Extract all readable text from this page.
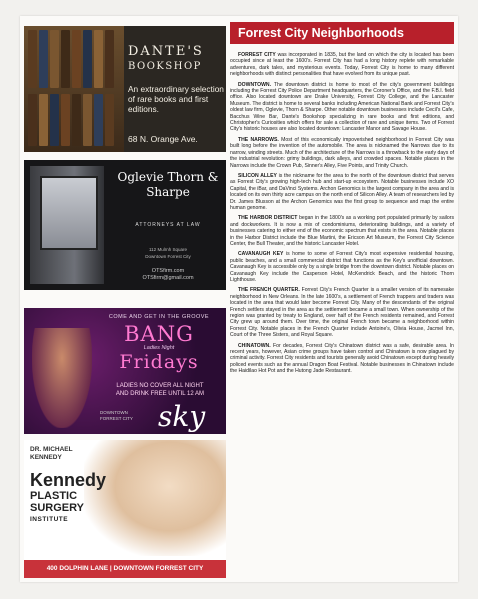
DANTE'S
BOOKSHOP
An extraordinary selection of rare books and first editions.
68 N. Orange Ave.
Oglevie Thorn & Sharpe
ATTORNEYS AT LAW
112 Mulrnh Square
Downtown Forrest City
OTSfirm.com
OTSfirm@gmail.com
COME AND GET IN THE GROOVE
BANG
Ladies Night
Fridays
LADIES NO COVER ALL NIGHT
AND DRINK FREE UNTIL 12 AM
DOWNTOWN
FORREST CITY sky
DR. MICHAEL
KENNEDY
Kennedy
PLASTIC
SURGERY
INSTITUTE
400 DOLPHIN LANE | DOWNTOWN FORREST CITY
Forrest City Neighborhoods

FORREST CITY was incorporated in 1835, but the land on which the city is located has been occupied since at least the 1600's. Forrest City has had a long history replete with remarkable adventures, dark tales, and mysterious events. Today, Forrest City is home to many different neighborhoods with distinct personalities that have evolved from its unique past.

DOWNTOWN. The downtown district is home to most of the city's government buildings including the Forrest City Police Department headquarters, the Coroner's Office, and the F.B.I. field office. Also located downtown are Drake University, Forrest City College, and the Lancaster Museum. The district is home to several banks including American National Bank and Forrest City's oldest law firm, Oglevie, Thorn & Sharpe. Other notable downtown businesses include Cecil's Cafe, Bacchus Wine Bar, Dante's Bookshop specializing in rare books and first editions, and Christopher's Curiosities which offers for sale a collection of rare and unique items. Two of Forrest City's historic houses are also located downtown: Lancaster Manor and Savage House.

THE NARROWS. Most of this economically impoverished neighborhood in Forrest City was built long before the invention of the automobile. The area is nicknamed the Narrows due to its narrow, winding streets. Much of the architecture of the Narrows is a throwback to the early days of the industrial revolution: grimy buildings, dark alleys, and crowded spaces. Notable places in the Narrows include the Crown Pub, Sinner's Alley, Five Points, and Trinity Church.

SILICON ALLEY is the nickname for the area to the north of the downtown district that serves as Forrest City's growing high-tech hub and start-up ecosystem. Notable businesses include XO Capital, the iBar, and DaVinci Systems. Archon Genomics is the largest company in the area and is located on its own thirty acre campus on the north end of Silicon Alley. A team of researchers led by Dr. James Blusson at the Archon Genomics was the first group to sequence and map the entire human genome.

THE HARBOR DISTRICT began in the 1800's as a working port populated primarily by sailors and dockworkers. It is now a mix of condominiums, deteriorating buildings, and a variety of businesses catering to either end of the economic spectrum that exists in the area. Notable places in the Harbor District include the Blue Martini, the Ericson Art Museum, the Forrest City Science Center, the Bull Theater, and the historic Lancaster Hotel.

CAVANAUGH KEY is home to some of Forrest City's most expensive residential housing, public beaches, and a small commercial district that functions as the Key's unofficial downtown. Cavanaugh Key is accessible only by a single bridge from the downtown district. Notable places on Cavanaugh Key include the Casperson Hotel, McKendrick Beach, and the historic Thorn Lighthouse.

THE FRENCH QUARTER. Forrest City's French Quarter is a smaller version of its namesake neighborhood in New Orleans. In the late 1600's, a settlement of French trappers and traders was located in the area that would later become Forrest City. Many of the descendants of the original French settlers stayed in the area as the settlement became a small town. When ownership of the region was granted by treaty to England, over half of the French residents remained, and Forrest City grew up around them. Over time, the original French town became a neighborhood within Forrest City. Notable places in the French Quarter include Antoine's, Olivia House, Jacmel Inn, Court of the Three Sisters, and Royal Square.

CHINATOWN. For decades, Forrest City's Chinatown district was a safe, desirable area. In recent years, however, Asian crime groups have taken control and Chinatown is now plagued by criminal activity. Forrest City residents and tourists generally avoid Chinatown except during heavily policed events such as the annual Dragon Boat Festival. Notable businesses in Chinatown include the Haidilao Hot Pot and the Hutong Jade Restaurant.
